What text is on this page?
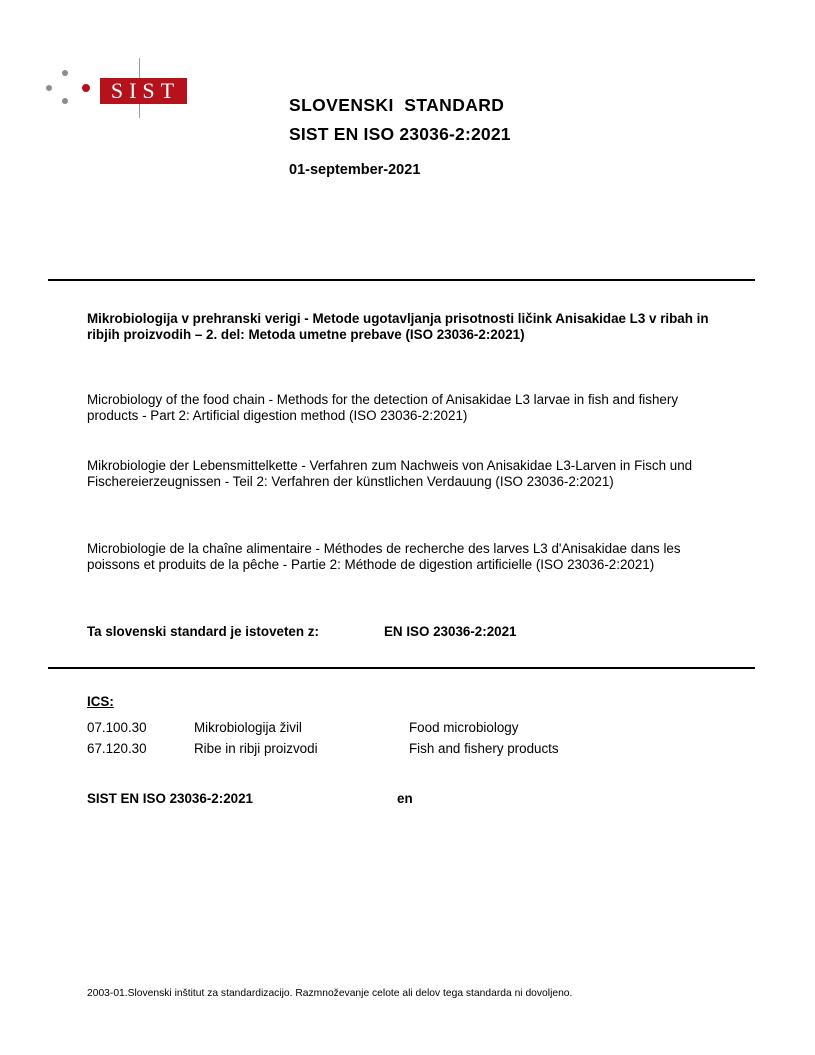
SIST
SLOVENSKI  STANDARD
SIST EN ISO 23036-2:2021
01-september-2021
Mikrobiologija v prehranski verigi - Metode ugotavljanja prisotnosti ličink Anisakidae L3 v ribah in ribjih proizvodih – 2. del: Metoda umetne prebave (ISO 23036-2:2021)
Microbiology of the food chain - Methods for the detection of Anisakidae L3 larvae in fish and fishery products - Part 2: Artificial digestion method (ISO 23036-2:2021)
Mikrobiologie der Lebensmittelkette - Verfahren zum Nachweis von Anisakidae L3-Larven in Fisch und Fischereierzeugnissen - Teil 2: Verfahren der künstlichen Verdauung (ISO 23036-2:2021)
Microbiologie de la chaîne alimentaire - Méthodes de recherche des larves L3 d'Anisakidae dans les poissons et produits de la pêche - Partie 2: Méthode de digestion artificielle (ISO 23036-2:2021)
Ta slovenski standard je istoveten z:	EN ISO 23036-2:2021
ICS:
07.100.30	Mikrobiologija živil	Food microbiology
67.120.30	Ribe in ribji proizvodi	Fish and fishery products
SIST EN ISO 23036-2:2021	en
2003-01.Slovenski inštitut za standardizacijo. Razmnoževanje celote ali delov tega standarda ni dovoljeno.
